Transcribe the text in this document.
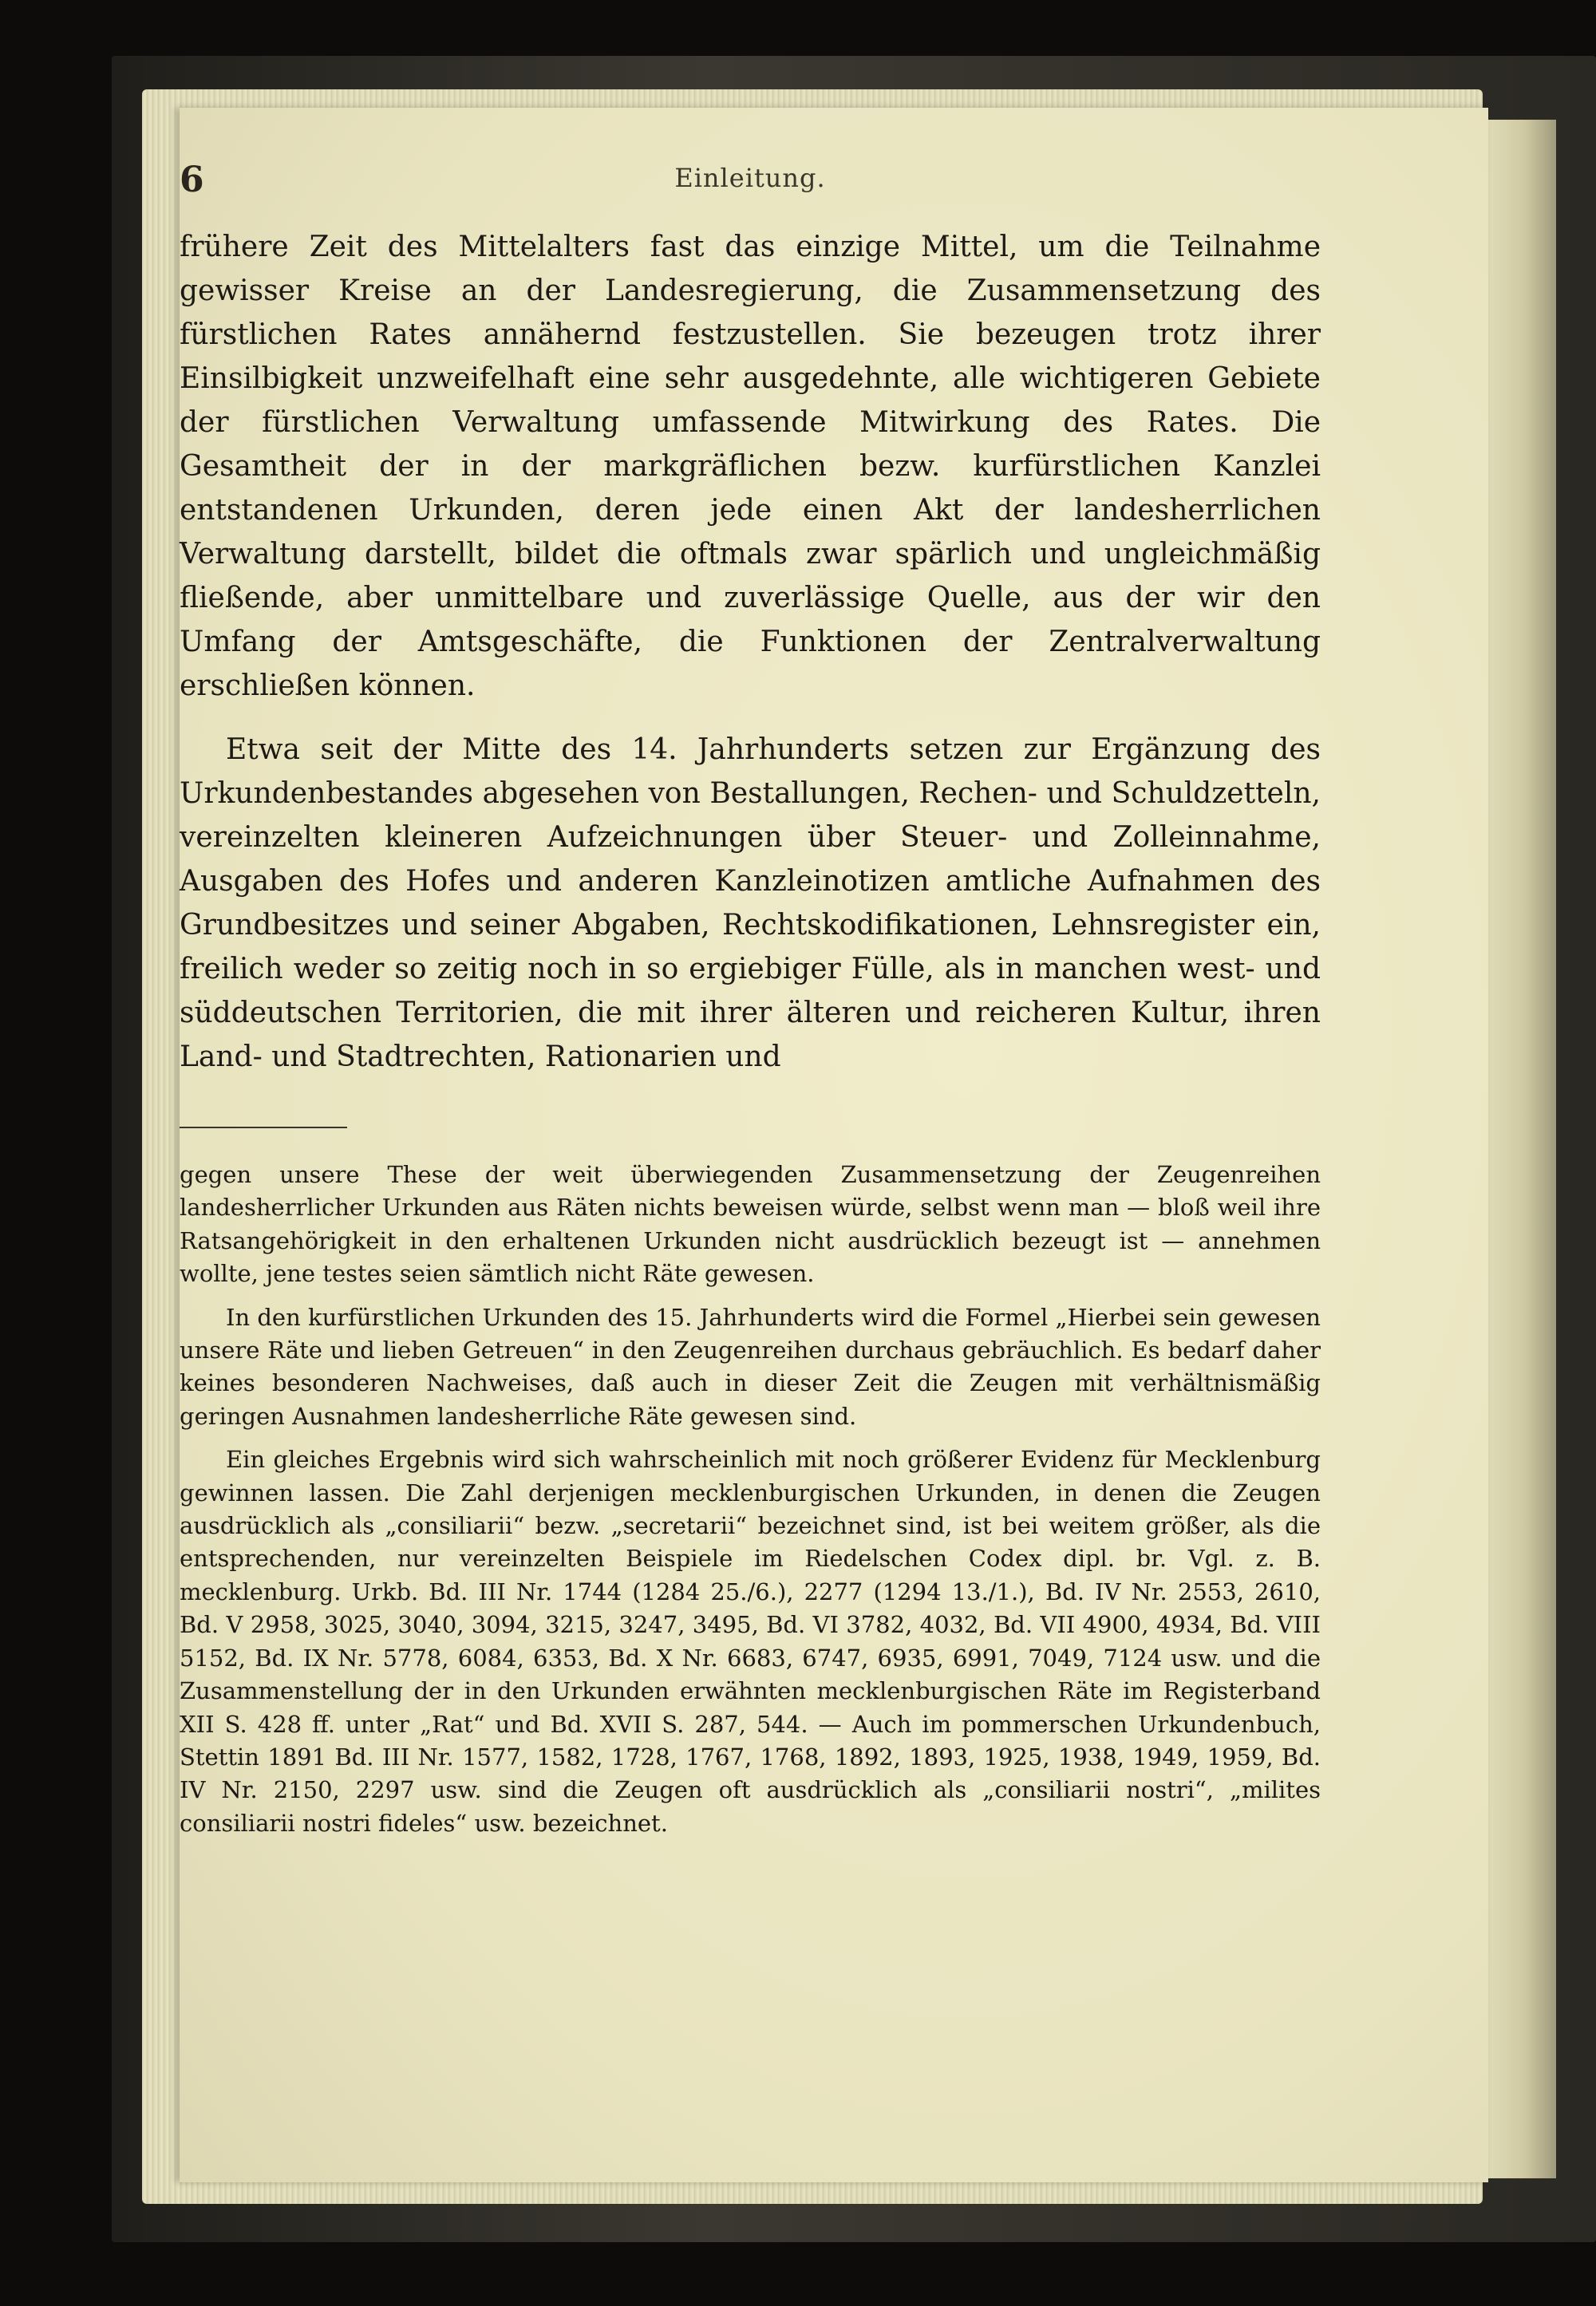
6	Einleitung.

frühere Zeit des Mittelalters fast das einzige Mittel, um die Teilnahme gewisser Kreise an der Landesregierung, die Zusammensetzung des fürstlichen Rates annähernd festzustellen. Sie bezeugen trotz ihrer Einsilbigkeit unzweifelhaft eine sehr ausgedehnte, alle wichtigeren Gebiete der fürstlichen Verwaltung umfassende Mitwirkung des Rates. Die Gesamtheit der in der markgräflichen bezw. kurfürstlichen Kanzlei entstandenen Urkunden, deren jede einen Akt der landesherrlichen Verwaltung darstellt, bildet die oftmals zwar spärlich und ungleichmäßig fließende, aber unmittelbare und zuverlässige Quelle, aus der wir den Umfang der Amtsgeschäfte, die Funktionen der Zentralverwaltung erschließen können.

Etwa seit der Mitte des 14. Jahrhunderts setzen zur Ergänzung des Urkundenbestandes abgesehen von Bestallungen, Rechen- und Schuldzetteln, vereinzelten kleineren Aufzeichnungen über Steuer- und Zolleinnahme, Ausgaben des Hofes und anderen Kanzleinotizen amtliche Aufnahmen des Grundbesitzes und seiner Abgaben, Rechtskodifikationen, Lehnsregister ein, freilich weder so zeitig noch in so ergiebiger Fülle, als in manchen west- und süddeutschen Territorien, die mit ihrer älteren und reicheren Kultur, ihren Land- und Stadtrechten, Rationarien und

gegen unsere These der weit überwiegenden Zusammensetzung der Zeugenreihen landesherrlicher Urkunden aus Räten nichts beweisen würde, selbst wenn man — bloß weil ihre Ratsangehörigkeit in den erhaltenen Urkunden nicht ausdrücklich bezeugt ist — annehmen wollte, jene testes seien sämtlich nicht Räte gewesen.

In den kurfürstlichen Urkunden des 15. Jahrhunderts wird die Formel „Hierbei sein gewesen unsere Räte und lieben Getreuen“ in den Zeugenreihen durchaus gebräuchlich. Es bedarf daher keines besonderen Nachweises, daß auch in dieser Zeit die Zeugen mit verhältnismäßig geringen Ausnahmen landesherrliche Räte gewesen sind.

Ein gleiches Ergebnis wird sich wahrscheinlich mit noch größerer Evidenz für Mecklenburg gewinnen lassen. Die Zahl derjenigen mecklenburgischen Urkunden, in denen die Zeugen ausdrücklich als „consiliarii“ bezw. „secretarii“ bezeichnet sind, ist bei weitem größer, als die entsprechenden, nur vereinzelten Beispiele im Riedelschen Codex dipl. br. Vgl. z. B. mecklenburg. Urkb. Bd. III Nr. 1744 (1284 25./6.), 2277 (1294 13./1.), Bd. IV Nr. 2553, 2610, Bd. V 2958, 3025, 3040, 3094, 3215, 3247, 3495, Bd. VI 3782, 4032, Bd. VII 4900, 4934, Bd. VIII 5152, Bd. IX Nr. 5778, 6084, 6353, Bd. X Nr. 6683, 6747, 6935, 6991, 7049, 7124 usw. und die Zusammenstellung der in den Urkunden erwähnten mecklenburgischen Räte im Registerband XII S. 428 ff. unter „Rat“ und Bd. XVII S. 287, 544. — Auch im pommerschen Urkundenbuch, Stettin 1891 Bd. III Nr. 1577, 1582, 1728, 1767, 1768, 1892, 1893, 1925, 1938, 1949, 1959, Bd. IV Nr. 2150, 2297 usw. sind die Zeugen oft ausdrücklich als „consiliarii nostri“, „milites consiliarii nostri fideles“ usw. bezeichnet.
